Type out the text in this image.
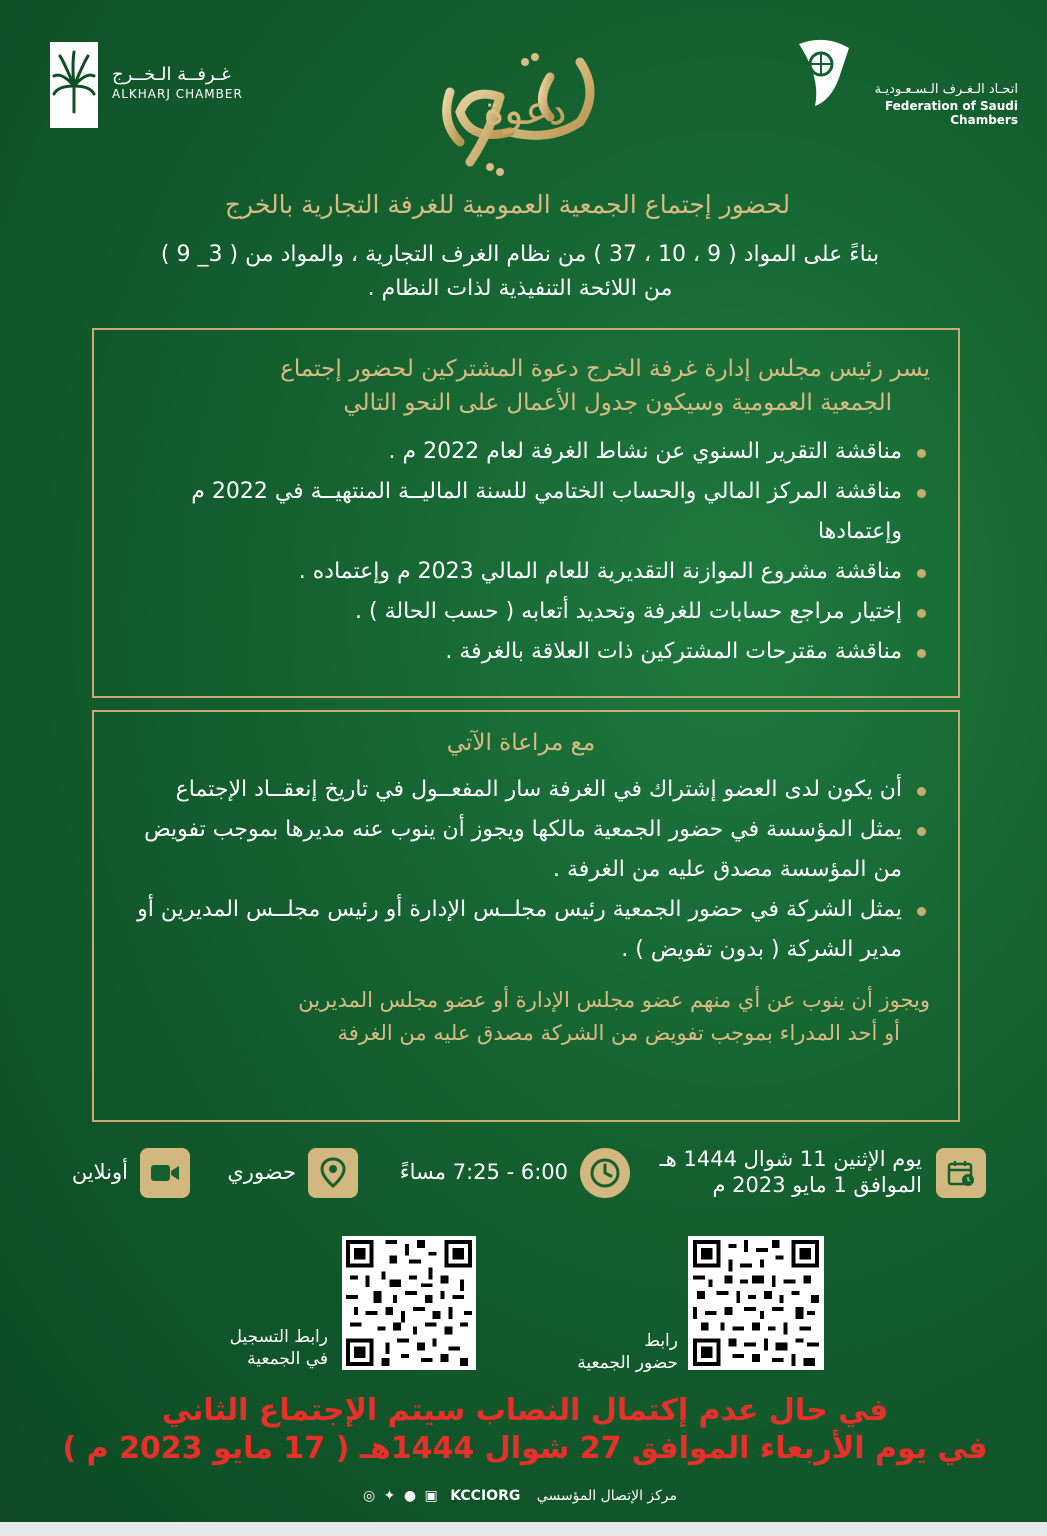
غـرفــة الـخــرج
ALKHARJ CHAMBER	دعوة	اتحـاد الـغـرف الـسـعـوديـة
Federation of Saudi Chambers
لحضور إجتماع الجمعية العمومية للغرفة التجارية بالخرج
بناءً على المواد ( 9 ، 10 ، 37 ) من نظام الغرف التجارية ، والمواد من ( 3_ 9 )
من اللائحة التنفيذية لذات النظام .
يسر رئيس مجلس إدارة غرفة الخرج دعوة المشتركين لحضور إجتماع
الجمعية العمومية وسيكون جدول الأعمال على النحو التالي
مناقشة التقرير السنوي عن نشاط الغرفة لعام 2022 م .
مناقشة المركز المالي والحساب الختامي للسنة الماليــة المنتهيــة في 2022 م وإعتمادها
مناقشة مشروع الموازنة التقديرية للعام المالي 2023 م وإعتماده .
إختيار مراجع حسابات للغرفة وتحديد أتعابه ( حسب الحالة ) .
مناقشة مقترحات المشتركين ذات العلاقة بالغرفة .
مع مراعاة الآتي
أن يكون لدى العضو إشتراك في الغرفة سار المفعــول في تاريخ إنعقــاد الإجتماع
يمثل المؤسسة في حضور الجمعية مالكها ويجوز أن ينوب عنه مديرها بموجب تفويض من المؤسسة مصدق عليه من الغرفة .
يمثل الشركة في حضور الجمعية رئيس مجلــس الإدارة أو رئيس مجلــس المديرين أو مدير الشركة ( بدون تفويض ) .
ويجوز أن ينوب عن أي منهم عضو مجلس الإدارة أو عضو مجلس المديرين
أو أحد المدراء بموجب تفويض من الشركة مصدق عليه من الغرفة
يوم الإثنين 11 شوال 1444 هـ
الموافق 1 مايو 2023 م
6:00 - 7:25 مساءً
حضوري
أونلاين
رابط
حضور الجمعية
رابط التسجيل
في الجمعية
في حال عدم إكتمال النصاب سيتم الإجتماع الثاني
في يوم الأربعاء الموافق 27 شوال 1444هـ ( 17 مايو 2023 م )
◎ ✦ ● ▣ KCCIORG مركز الإتصال المؤسسي
